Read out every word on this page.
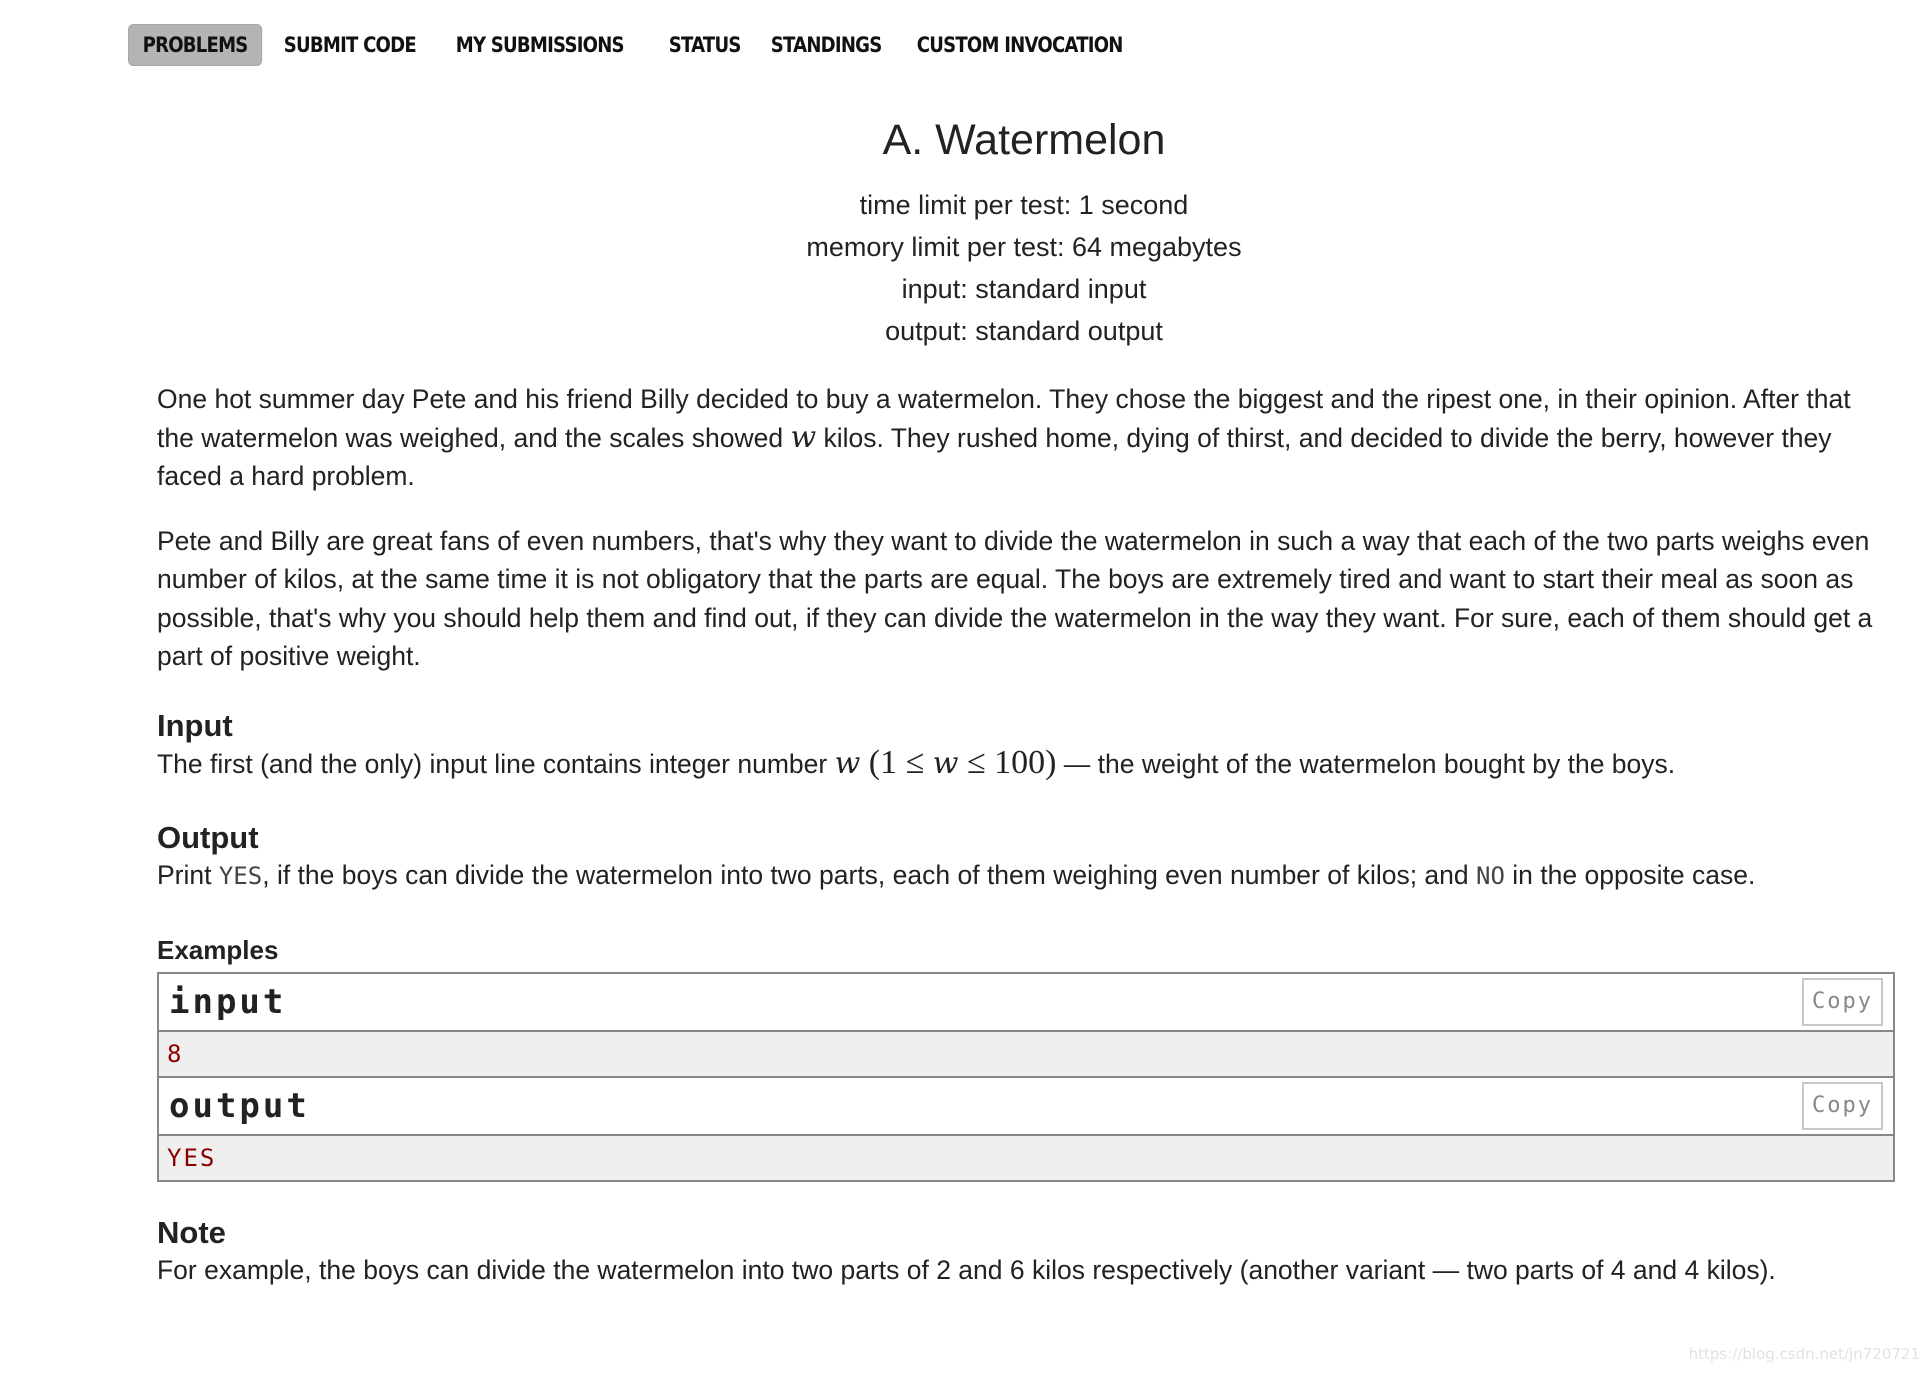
PROBLEMS	SUBMIT CODE	MY SUBMISSIONS	STATUS	STANDINGS	CUSTOM INVOCATION
A. Watermelon
time limit per test: 1 second
memory limit per test: 64 megabytes
input: standard input
output: standard output

One hot summer day Pete and his friend Billy decided to buy a watermelon. They chose the biggest and the ripest one, in their opinion. After that the watermelon was weighed, and the scales showed w kilos. They rushed home, dying of thirst, and decided to divide the berry, however they faced a hard problem.

Pete and Billy are great fans of even numbers, that's why they want to divide the watermelon in such a way that each of the two parts weighs even number of kilos, at the same time it is not obligatory that the parts are equal. The boys are extremely tired and want to start their meal as soon as possible, that's why you should help them and find out, if they can divide the watermelon in the way they want. For sure, each of them should get a part of positive weight.

Input
The first (and the only) input line contains integer number w (1 ≤ w ≤ 100) — the weight of the watermelon bought by the boys.
Output
Print YES, if the boys can divide the watermelon into two parts, each of them weighing even number of kilos; and NO in the opposite case.
Examples
input	Copy
8
output	Copy
YES
Note
For example, the boys can divide the watermelon into two parts of 2 and 6 kilos respectively (another variant — two parts of 4 and 4 kilos).
https://blog.csdn.net/jn720721
